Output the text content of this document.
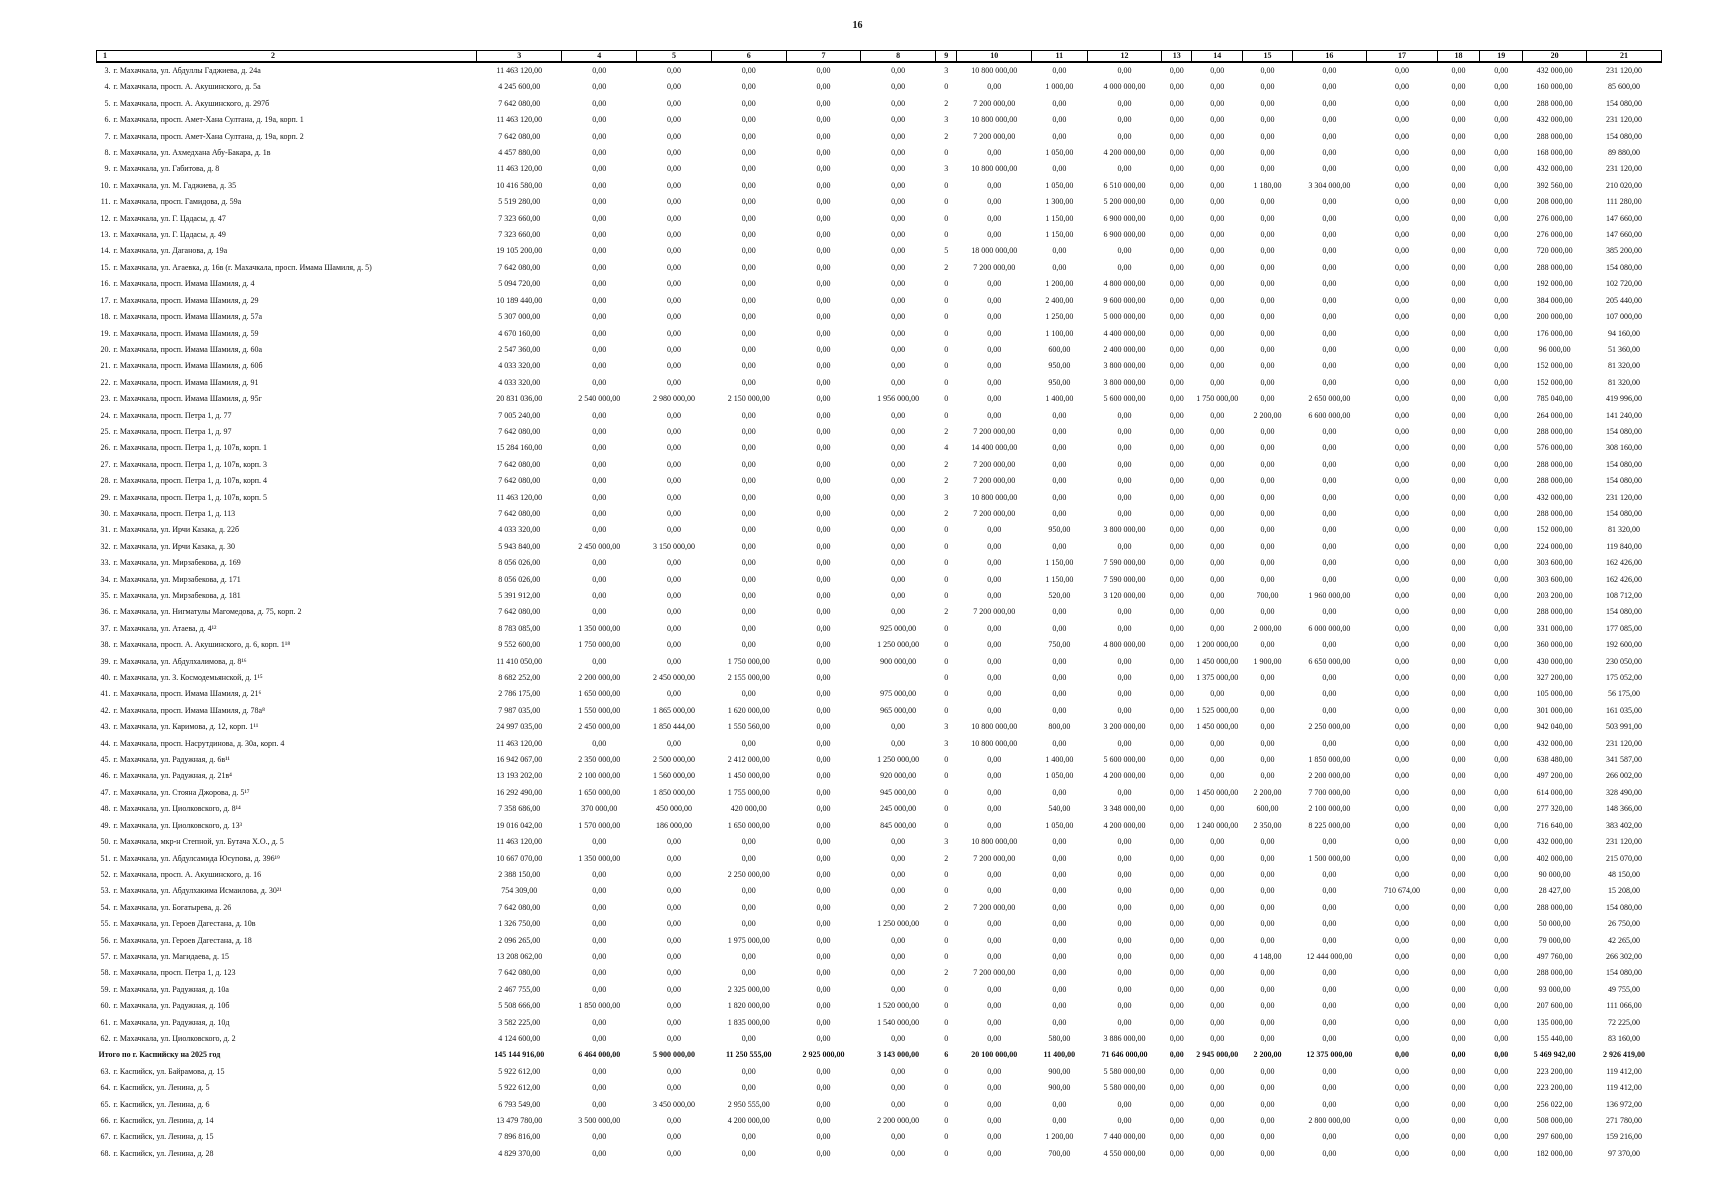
16
1 2	3	4	5	6	7	8	9	10	11	12	13	14	15	16	17	18	19	20	21
3. г. Махачкала, ул. Абдуллы Гаджиева, д. 24а	11 463 120,00	0,00	0,00	0,00	0,00	0,00	3	10 800 000,00	0,00	0,00	0,00	0,00	0,00	0,00	0,00	0,00	0,00	432 000,00	231 120,00
4. г. Махачкала, просп. А. Акушинского, д. 5а	4 245 600,00	0,00	0,00	0,00	0,00	0,00	0	0,00	1 000,00	4 000 000,00	0,00	0,00	0,00	0,00	0,00	0,00	0,00	160 000,00	85 600,00
5. г. Махачкала, просп. А. Акушинского, д. 297б	7 642 080,00	0,00	0,00	0,00	0,00	0,00	2	7 200 000,00	0,00	0,00	0,00	0,00	0,00	0,00	0,00	0,00	0,00	288 000,00	154 080,00
6. г. Махачкала, просп. Амет-Хана Султана, д. 19а, корп. 1	11 463 120,00	0,00	0,00	0,00	0,00	0,00	3	10 800 000,00	0,00	0,00	0,00	0,00	0,00	0,00	0,00	0,00	0,00	432 000,00	231 120,00
7. г. Махачкала, просп. Амет-Хана Султана, д. 19а, корп. 2	7 642 080,00	0,00	0,00	0,00	0,00	0,00	2	7 200 000,00	0,00	0,00	0,00	0,00	0,00	0,00	0,00	0,00	0,00	288 000,00	154 080,00
8. г. Махачкала, ул. Ахмедхана Абу-Бакара, д. 1в	4 457 880,00	0,00	0,00	0,00	0,00	0,00	0	0,00	1 050,00	4 200 000,00	0,00	0,00	0,00	0,00	0,00	0,00	0,00	168 000,00	89 880,00
9. г. Махачкала, ул. Габитова, д. 8	11 463 120,00	0,00	0,00	0,00	0,00	0,00	3	10 800 000,00	0,00	0,00	0,00	0,00	0,00	0,00	0,00	0,00	0,00	432 000,00	231 120,00
10. г. Махачкала, ул. М. Гаджиева, д. 35	10 416 580,00	0,00	0,00	0,00	0,00	0,00	0	0,00	1 050,00	6 510 000,00	0,00	0,00	1 180,00	3 304 000,00	0,00	0,00	0,00	392 560,00	210 020,00
11. г. Махачкала, просп. Гамидова, д. 59а	5 519 280,00	0,00	0,00	0,00	0,00	0,00	0	0,00	1 300,00	5 200 000,00	0,00	0,00	0,00	0,00	0,00	0,00	0,00	208 000,00	111 280,00
12. г. Махачкала, ул. Г. Цадасы, д. 47	7 323 660,00	0,00	0,00	0,00	0,00	0,00	0	0,00	1 150,00	6 900 000,00	0,00	0,00	0,00	0,00	0,00	0,00	0,00	276 000,00	147 660,00
13. г. Махачкала, ул. Г. Цадасы, д. 49	7 323 660,00	0,00	0,00	0,00	0,00	0,00	0	0,00	1 150,00	6 900 000,00	0,00	0,00	0,00	0,00	0,00	0,00	0,00	276 000,00	147 660,00
14. г. Махачкала, ул. Даганова, д. 19а	19 105 200,00	0,00	0,00	0,00	0,00	0,00	5	18 000 000,00	0,00	0,00	0,00	0,00	0,00	0,00	0,00	0,00	0,00	720 000,00	385 200,00
15. г. Махачкала, ул. Агаевка, д. 16в (г. Махачкала, просп. Имама Шамиля, д. 5)	7 642 080,00	0,00	0,00	0,00	0,00	0,00	2	7 200 000,00	0,00	0,00	0,00	0,00	0,00	0,00	0,00	0,00	0,00	288 000,00	154 080,00
16. г. Махачкала, просп. Имама Шамиля, д. 4	5 094 720,00	0,00	0,00	0,00	0,00	0,00	0	0,00	1 200,00	4 800 000,00	0,00	0,00	0,00	0,00	0,00	0,00	0,00	192 000,00	102 720,00
17. г. Махачкала, просп. Имама Шамиля, д. 29	10 189 440,00	0,00	0,00	0,00	0,00	0,00	0	0,00	2 400,00	9 600 000,00	0,00	0,00	0,00	0,00	0,00	0,00	0,00	384 000,00	205 440,00
18. г. Махачкала, просп. Имама Шамиля, д. 57а	5 307 000,00	0,00	0,00	0,00	0,00	0,00	0	0,00	1 250,00	5 000 000,00	0,00	0,00	0,00	0,00	0,00	0,00	0,00	200 000,00	107 000,00
19. г. Махачкала, просп. Имама Шамиля, д. 59	4 670 160,00	0,00	0,00	0,00	0,00	0,00	0	0,00	1 100,00	4 400 000,00	0,00	0,00	0,00	0,00	0,00	0,00	0,00	176 000,00	94 160,00
20. г. Махачкала, просп. Имама Шамиля, д. 60а	2 547 360,00	0,00	0,00	0,00	0,00	0,00	0	0,00	600,00	2 400 000,00	0,00	0,00	0,00	0,00	0,00	0,00	0,00	96 000,00	51 360,00
21. г. Махачкала, просп. Имама Шамиля, д. 60б	4 033 320,00	0,00	0,00	0,00	0,00	0,00	0	0,00	950,00	3 800 000,00	0,00	0,00	0,00	0,00	0,00	0,00	0,00	152 000,00	81 320,00
22. г. Махачкала, просп. Имама Шамиля, д. 91	4 033 320,00	0,00	0,00	0,00	0,00	0,00	0	0,00	950,00	3 800 000,00	0,00	0,00	0,00	0,00	0,00	0,00	0,00	152 000,00	81 320,00
23. г. Махачкала, просп. Имама Шамиля, д. 95г	20 831 036,00	2 540 000,00	2 980 000,00	2 150 000,00	0,00	1 956 000,00	0	0,00	1 400,00	5 600 000,00	0,00	1 750 000,00	0,00	2 650 000,00	0,00	0,00	0,00	785 040,00	419 996,00
24. г. Махачкала, просп. Петра 1, д. 77	7 005 240,00	0,00	0,00	0,00	0,00	0,00	0	0,00	0,00	0,00	0,00	0,00	2 200,00	6 600 000,00	0,00	0,00	0,00	264 000,00	141 240,00
25. г. Махачкала, просп. Петра 1, д. 97	7 642 080,00	0,00	0,00	0,00	0,00	0,00	2	7 200 000,00	0,00	0,00	0,00	0,00	0,00	0,00	0,00	0,00	0,00	288 000,00	154 080,00
26. г. Махачкала, просп. Петра 1, д. 107в, корп. 1	15 284 160,00	0,00	0,00	0,00	0,00	0,00	4	14 400 000,00	0,00	0,00	0,00	0,00	0,00	0,00	0,00	0,00	0,00	576 000,00	308 160,00
27. г. Махачкала, просп. Петра 1, д. 107в, корп. 3	7 642 080,00	0,00	0,00	0,00	0,00	0,00	2	7 200 000,00	0,00	0,00	0,00	0,00	0,00	0,00	0,00	0,00	0,00	288 000,00	154 080,00
28. г. Махачкала, просп. Петра 1, д. 107в, корп. 4	7 642 080,00	0,00	0,00	0,00	0,00	0,00	2	7 200 000,00	0,00	0,00	0,00	0,00	0,00	0,00	0,00	0,00	0,00	288 000,00	154 080,00
29. г. Махачкала, просп. Петра 1, д. 107в, корп. 5	11 463 120,00	0,00	0,00	0,00	0,00	0,00	3	10 800 000,00	0,00	0,00	0,00	0,00	0,00	0,00	0,00	0,00	0,00	432 000,00	231 120,00
30. г. Махачкала, просп. Петра 1, д. 113	7 642 080,00	0,00	0,00	0,00	0,00	0,00	2	7 200 000,00	0,00	0,00	0,00	0,00	0,00	0,00	0,00	0,00	0,00	288 000,00	154 080,00
31. г. Махачкала, ул. Ирчи Казака, д. 22б	4 033 320,00	0,00	0,00	0,00	0,00	0,00	0	0,00	950,00	3 800 000,00	0,00	0,00	0,00	0,00	0,00	0,00	0,00	152 000,00	81 320,00
32. г. Махачкала, ул. Ирчи Казака, д. 30	5 943 840,00	2 450 000,00	3 150 000,00	0,00	0,00	0,00	0	0,00	0,00	0,00	0,00	0,00	0,00	0,00	0,00	0,00	0,00	224 000,00	119 840,00
33. г. Махачкала, ул. Мирзабекова, д. 169	8 056 026,00	0,00	0,00	0,00	0,00	0,00	0	0,00	1 150,00	7 590 000,00	0,00	0,00	0,00	0,00	0,00	0,00	0,00	303 600,00	162 426,00
34. г. Махачкала, ул. Мирзабекова, д. 171	8 056 026,00	0,00	0,00	0,00	0,00	0,00	0	0,00	1 150,00	7 590 000,00	0,00	0,00	0,00	0,00	0,00	0,00	0,00	303 600,00	162 426,00
35. г. Махачкала, ул. Мирзабекова, д. 181	5 391 912,00	0,00	0,00	0,00	0,00	0,00	0	0,00	520,00	3 120 000,00	0,00	0,00	700,00	1 960 000,00	0,00	0,00	0,00	203 200,00	108 712,00
36. г. Махачкала, ул. Нигматулы Магомедова, д. 75, корп. 2	7 642 080,00	0,00	0,00	0,00	0,00	0,00	2	7 200 000,00	0,00	0,00	0,00	0,00	0,00	0,00	0,00	0,00	0,00	288 000,00	154 080,00
37. г. Махачкала, ул. Атаева, д. 4¹²	8 783 085,00	1 350 000,00	0,00	0,00	0,00	925 000,00	0	0,00	0,00	0,00	0,00	0,00	2 000,00	6 000 000,00	0,00	0,00	0,00	331 000,00	177 085,00
38. г. Махачкала, просп. А. Акушинского, д. 6, корп. 1¹⁸	9 552 600,00	1 750 000,00	0,00	0,00	0,00	1 250 000,00	0	0,00	750,00	4 800 000,00	0,00	1 200 000,00	0,00	0,00	0,00	0,00	0,00	360 000,00	192 600,00
39. г. Махачкала, ул. Абдулхалимова, д. 8¹⁶	11 410 050,00	0,00	0,00	1 750 000,00	0,00	900 000,00	0	0,00	0,00	0,00	0,00	1 450 000,00	1 900,00	6 650 000,00	0,00	0,00	0,00	430 000,00	230 050,00
40. г. Махачкала, ул. З. Космодемьянской, д. 1¹⁵	8 682 252,00	2 200 000,00	2 450 000,00	2 155 000,00	0,00		0	0,00	0,00	0,00	0,00	1 375 000,00	0,00	0,00	0,00	0,00	0,00	327 200,00	175 052,00
41. г. Махачкала, просп. Имама Шамиля, д. 21⁶	2 786 175,00	1 650 000,00	0,00	0,00	0,00	975 000,00	0	0,00	0,00	0,00	0,00	0,00	0,00	0,00	0,00	0,00	0,00	105 000,00	56 175,00
42. г. Махачкала, просп. Имама Шамиля, д. 78а⁸	7 987 035,00	1 550 000,00	1 865 000,00	1 620 000,00	0,00	965 000,00	0	0,00	0,00	0,00	0,00	1 525 000,00	0,00	0,00	0,00	0,00	0,00	301 000,00	161 035,00
43. г. Махачкала, ул. Каримова, д. 12, корп. 1¹¹	24 997 035,00	2 450 000,00	1 850 444,00	1 550 560,00	0,00	0,00	3	10 800 000,00	800,00	3 200 000,00	0,00	1 450 000,00	0,00	2 250 000,00	0,00	0,00	0,00	942 040,00	503 991,00
44. г. Махачкала, просп. Насрутдинова, д. 30а, корп. 4	11 463 120,00	0,00	0,00	0,00	0,00	0,00	3	10 800 000,00	0,00	0,00	0,00	0,00	0,00	0,00	0,00	0,00	0,00	432 000,00	231 120,00
45. г. Махачкала, ул. Радужная, д. 6в¹¹	16 942 067,00	2 350 000,00	2 500 000,00	2 412 000,00	0,00	1 250 000,00	0	0,00	1 400,00	5 600 000,00	0,00	0,00	0,00	1 850 000,00	0,00	0,00	0,00	638 480,00	341 587,00
46. г. Махачкала, ул. Радужная, д. 21в⁴	13 193 202,00	2 100 000,00	1 560 000,00	1 450 000,00	0,00	920 000,00	0	0,00	1 050,00	4 200 000,00	0,00	0,00	0,00	2 200 000,00	0,00	0,00	0,00	497 200,00	266 002,00
47. г. Махачкала, ул. Стояна Джорова, д. 5¹⁷	16 292 490,00	1 650 000,00	1 850 000,00	1 755 000,00	0,00	945 000,00	0	0,00	0,00	0,00	0,00	1 450 000,00	2 200,00	7 700 000,00	0,00	0,00	0,00	614 000,00	328 490,00
48. г. Махачкала, ул. Циолковского, д. 8¹⁴	7 358 686,00	370 000,00	450 000,00	420 000,00	0,00	245 000,00	0	0,00	540,00	3 348 000,00	0,00	0,00	600,00	2 100 000,00	0,00	0,00	0,00	277 320,00	148 366,00
49. г. Махачкала, ул. Циолковского, д. 13³	19 016 042,00	1 570 000,00	186 000,00	1 650 000,00	0,00	845 000,00	0	0,00	1 050,00	4 200 000,00	0,00	1 240 000,00	2 350,00	8 225 000,00	0,00	0,00	0,00	716 640,00	383 402,00
50. г. Махачкала, мкр-н Степной, ул. Бутача Х.О., д. 5	11 463 120,00	0,00	0,00	0,00	0,00	0,00	3	10 800 000,00	0,00	0,00	0,00	0,00	0,00	0,00	0,00	0,00	0,00	432 000,00	231 120,00
51. г. Махачкала, ул. Абдулсамида Юсупова, д. 396¹⁹	10 667 070,00	1 350 000,00	0,00	0,00	0,00	0,00	2	7 200 000,00	0,00	0,00	0,00	0,00	0,00	1 500 000,00	0,00	0,00	0,00	402 000,00	215 070,00
52. г. Махачкала, просп. А. Акушинского, д. 16	2 388 150,00	0,00	0,00	2 250 000,00	0,00	0,00	0	0,00	0,00	0,00	0,00	0,00	0,00	0,00	0,00	0,00	0,00	90 000,00	48 150,00
53. г. Махачкала, ул. Абдулхакима Исмаилова, д. 30²¹	754 309,00	0,00	0,00	0,00	0,00	0,00	0	0,00	0,00	0,00	0,00	0,00	0,00	0,00	710 674,00	0,00	0,00	28 427,00	15 208,00
54. г. Махачкала, ул. Богатырева, д. 26	7 642 080,00	0,00	0,00	0,00	0,00	0,00	2	7 200 000,00	0,00	0,00	0,00	0,00	0,00	0,00	0,00	0,00	0,00	288 000,00	154 080,00
55. г. Махачкала, ул. Героев Дагестана, д. 10в	1 326 750,00	0,00	0,00	0,00	0,00	1 250 000,00	0	0,00	0,00	0,00	0,00	0,00	0,00	0,00	0,00	0,00	0,00	50 000,00	26 750,00
56. г. Махачкала, ул. Героев Дагестана, д. 18	2 096 265,00	0,00	0,00	1 975 000,00	0,00	0,00	0	0,00	0,00	0,00	0,00	0,00	0,00	0,00	0,00	0,00	0,00	79 000,00	42 265,00
57. г. Махачкала, ул. Магидаева, д. 15	13 208 062,00	0,00	0,00	0,00	0,00	0,00	0	0,00	0,00	0,00	0,00	0,00	4 148,00	12 444 000,00	0,00	0,00	0,00	497 760,00	266 302,00
58. г. Махачкала, просп. Петра 1, д. 123	7 642 080,00	0,00	0,00	0,00	0,00	0,00	2	7 200 000,00	0,00	0,00	0,00	0,00	0,00	0,00	0,00	0,00	0,00	288 000,00	154 080,00
59. г. Махачкала, ул. Радужная, д. 10а	2 467 755,00	0,00	0,00	2 325 000,00	0,00	0,00	0	0,00	0,00	0,00	0,00	0,00	0,00	0,00	0,00	0,00	0,00	93 000,00	49 755,00
60. г. Махачкала, ул. Радужная, д. 10б	5 508 666,00	1 850 000,00	0,00	1 820 000,00	0,00	1 520 000,00	0	0,00	0,00	0,00	0,00	0,00	0,00	0,00	0,00	0,00	0,00	207 600,00	111 066,00
61. г. Махачкала, ул. Радужная, д. 10д	3 582 225,00	0,00	0,00	1 835 000,00	0,00	1 540 000,00	0	0,00	0,00	0,00	0,00	0,00	0,00	0,00	0,00	0,00	0,00	135 000,00	72 225,00
62. г. Махачкала, ул. Циолковского, д. 2	4 124 600,00	0,00	0,00	0,00	0,00	0,00	0	0,00	580,00	3 886 000,00	0,00	0,00	0,00	0,00	0,00	0,00	0,00	155 440,00	83 160,00
Итого по г. Каспийску на 2025 год	145 144 916,00	6 464 000,00	5 900 000,00	11 250 555,00	2 925 000,00	3 143 000,00	6	20 100 000,00	11 400,00	71 646 000,00	0,00	2 945 000,00	2 200,00	12 375 000,00	0,00	0,00	0,00	5 469 942,00	2 926 419,00
63. г. Каспийск, ул. Байрамова, д. 15	5 922 612,00	0,00	0,00	0,00	0,00	0,00	0	0,00	900,00	5 580 000,00	0,00	0,00	0,00	0,00	0,00	0,00	0,00	223 200,00	119 412,00
64. г. Каспийск, ул. Ленина, д. 5	5 922 612,00	0,00	0,00	0,00	0,00	0,00	0	0,00	900,00	5 580 000,00	0,00	0,00	0,00	0,00	0,00	0,00	0,00	223 200,00	119 412,00
65. г. Каспийск, ул. Ленина, д. 6	6 793 549,00	0,00	3 450 000,00	2 950 555,00	0,00	0,00	0	0,00	0,00	0,00	0,00	0,00	0,00	0,00	0,00	0,00	0,00	256 022,00	136 972,00
66. г. Каспийск, ул. Ленина, д. 14	13 479 780,00	3 500 000,00	0,00	4 200 000,00	0,00	2 200 000,00	0	0,00	0,00	0,00	0,00	0,00	0,00	2 800 000,00	0,00	0,00	0,00	508 000,00	271 780,00
67. г. Каспийск, ул. Ленина, д. 15	7 896 816,00	0,00	0,00	0,00	0,00	0,00	0	0,00	1 200,00	7 440 000,00	0,00	0,00	0,00	0,00	0,00	0,00	0,00	297 600,00	159 216,00
68. г. Каспийск, ул. Ленина, д. 28	4 829 370,00	0,00	0,00	0,00	0,00	0,00	0	0,00	700,00	4 550 000,00	0,00	0,00	0,00	0,00	0,00	0,00	0,00	182 000,00	97 370,00
